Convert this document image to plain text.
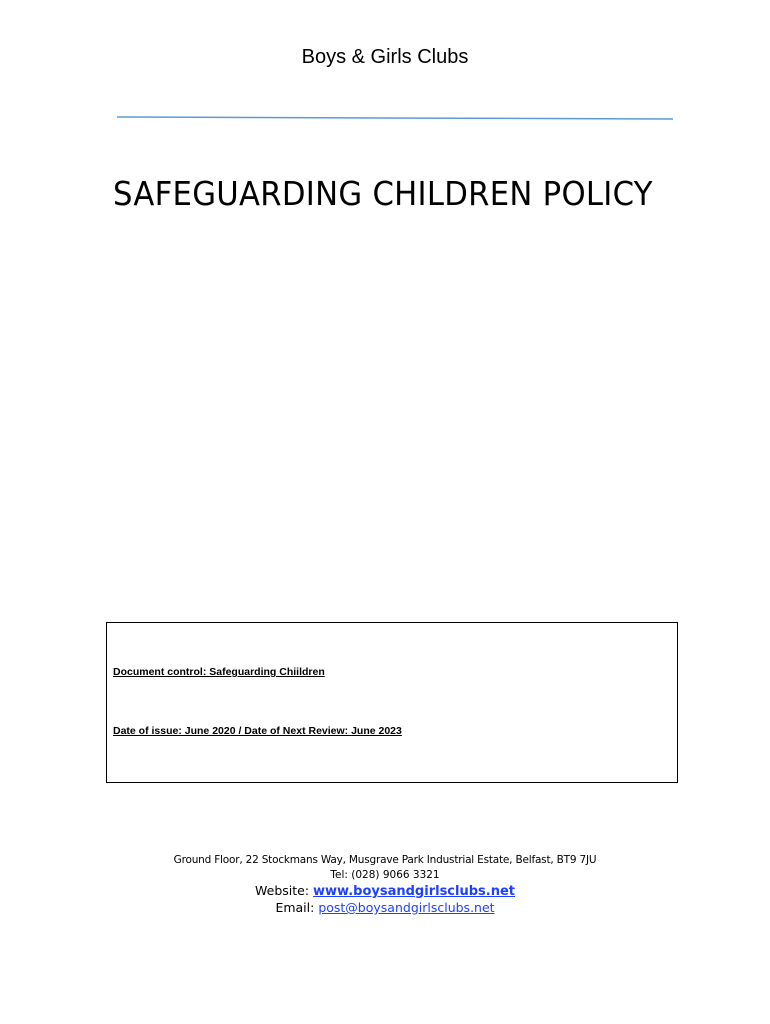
Boys & Girls Clubs
SAFEGUARDING CHILDREN POLICY
Document control: Safeguarding Chiildren
Date of issue: June 2020 / Date of Next Review: June 2023
Ground Floor, 22 Stockmans Way, Musgrave Park Industrial Estate, Belfast, BT9 7JU
Tel: (028) 9066 3321
Website: www.boysandgirlsclubs.net
Email: post@boysandgirlsclubs.net
